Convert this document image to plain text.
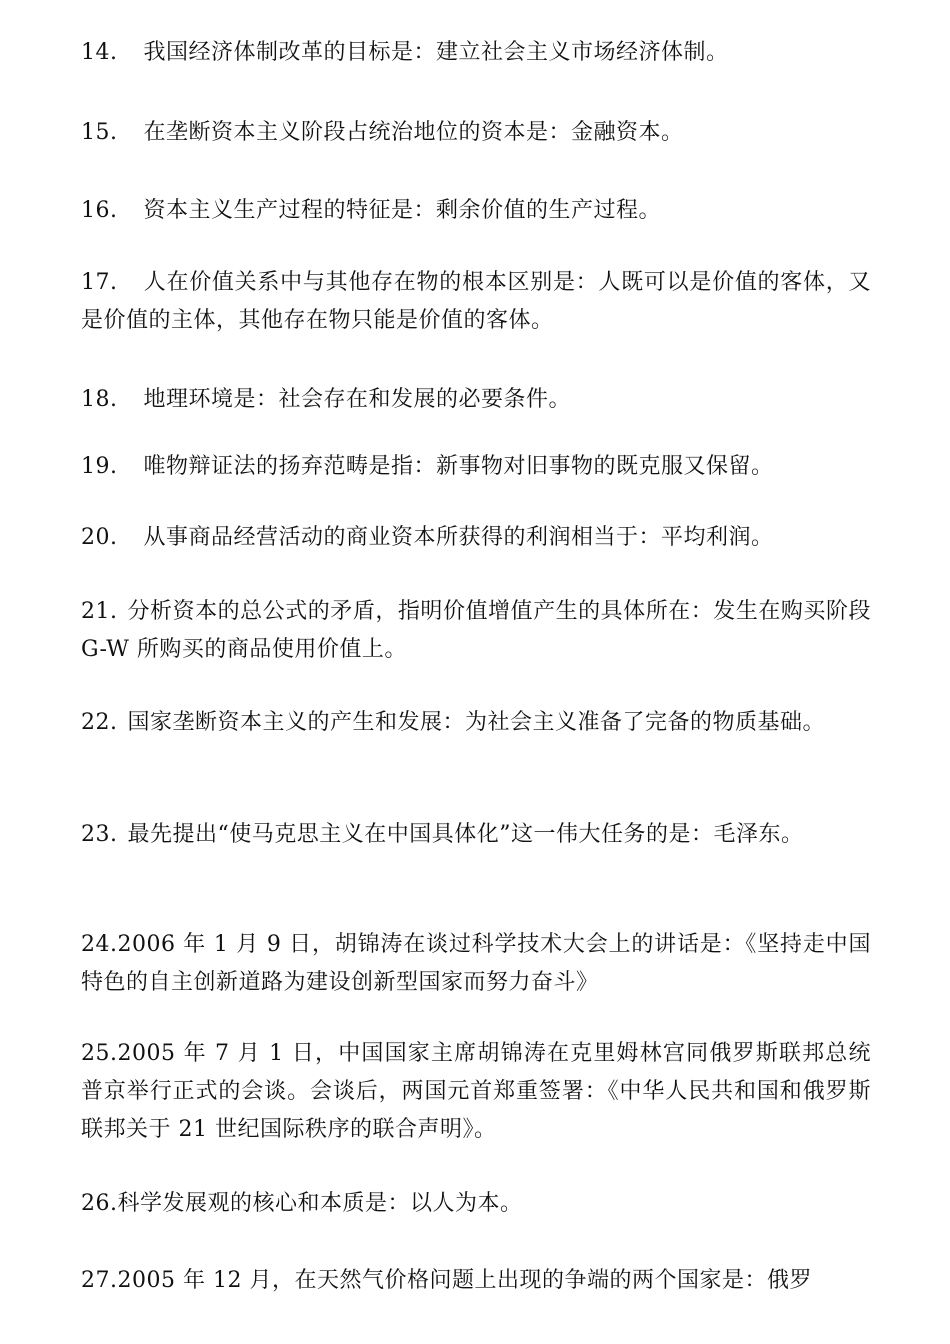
14. 我国经济体制改革的目标是：建立社会主义市场经济体制。

15. 在垄断资本主义阶段占统治地位的资本是：金融资本。

16. 资本主义生产过程的特征是：剩余价值的生产过程。

17. 人在价值关系中与其他存在物的根本区别是：人既可以是价值的客体，又是价值的主体，其他存在物只能是价值的客体。

18. 地理环境是：社会存在和发展的必要条件。

19. 唯物辩证法的扬弃范畴是指：新事物对旧事物的既克服又保留。

20. 从事商品经营活动的商业资本所获得的利润相当于：平均利润。

21. 分析资本的总公式的矛盾，指明价值增值产生的具体所在：发生在购买阶段 G-W 所购买的商品使用价值上。

22. 国家垄断资本主义的产生和发展：为社会主义准备了完备的物质基础。

23. 最先提出“使马克思主义在中国具体化”这一伟大任务的是：毛泽东。

24.2006 年 1 月 9 日，胡锦涛在谈过科学技术大会上的讲话是：《坚持走中国特色的自主创新道路为建设创新型国家而努力奋斗》

25.2005 年 7 月 1 日，中国国家主席胡锦涛在克里姆林宫同俄罗斯联邦总统普京举行正式的会谈。会谈后，两国元首郑重签署：《中华人民共和国和俄罗斯联邦关于 21 世纪国际秩序的联合声明》。

26.科学发展观的核心和本质是：以人为本。

27.2005 年 12 月，在天然气价格问题上出现的争端的两个国家是：俄罗
